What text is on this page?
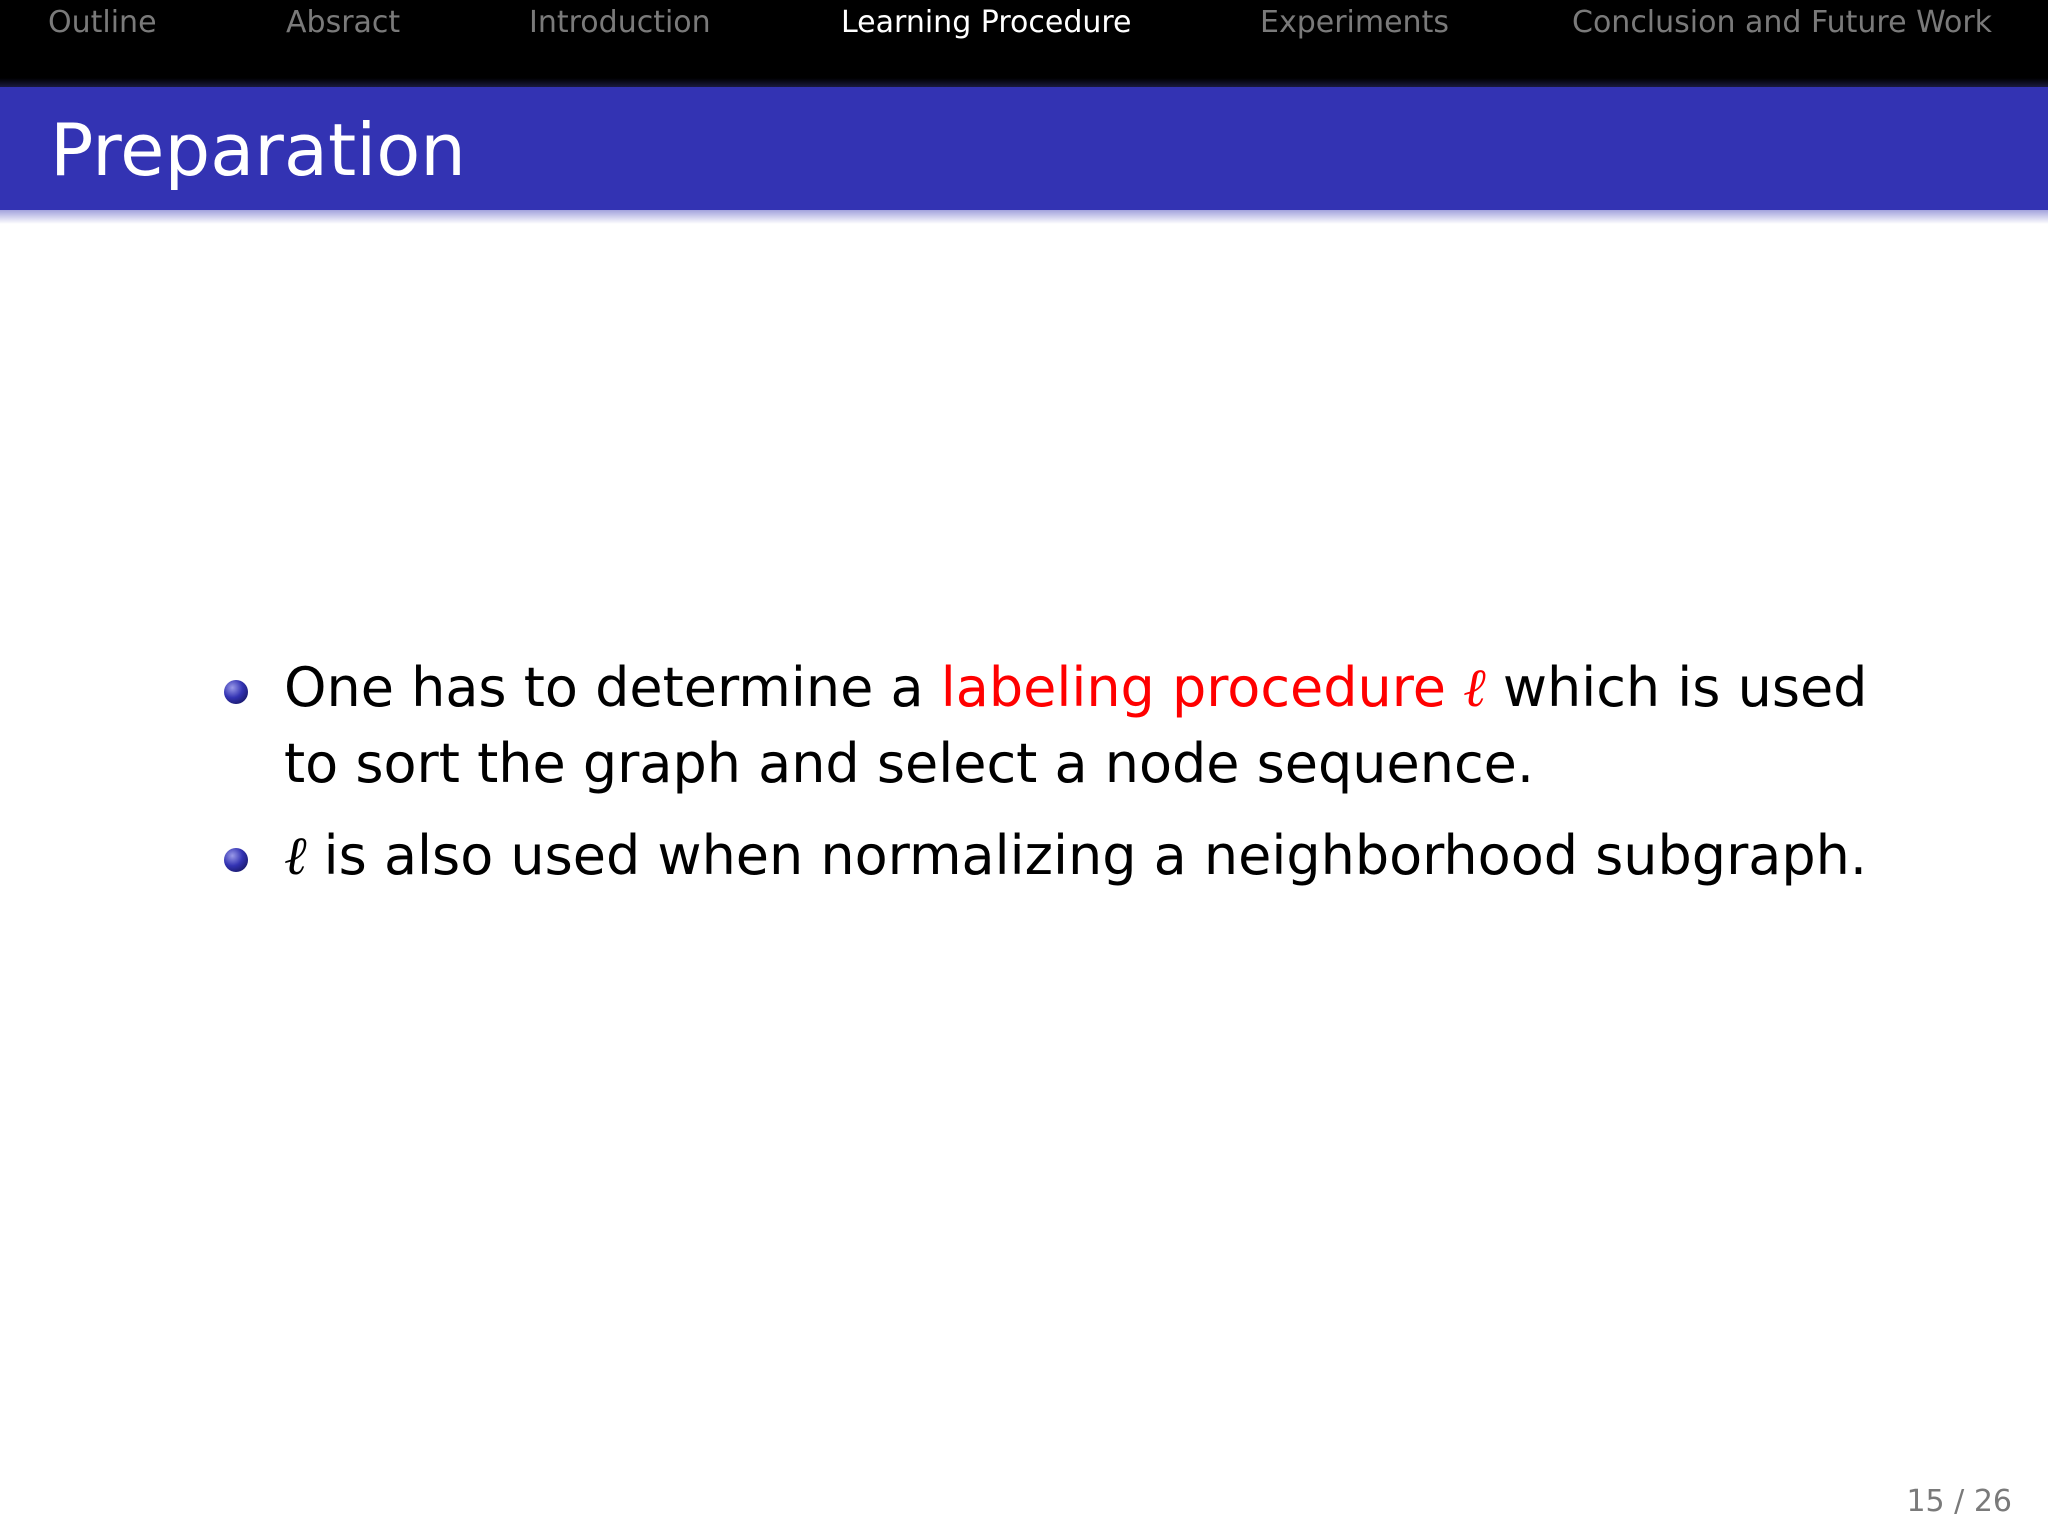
Outline	Absract	Introduction	Learning Procedure	Experiments	Conclusion and Future Work
Preparation
One has to determine a labeling procedure ℓ which is used to sort the graph and select a node sequence.
ℓ is also used when normalizing a neighborhood subgraph.
15 / 26
